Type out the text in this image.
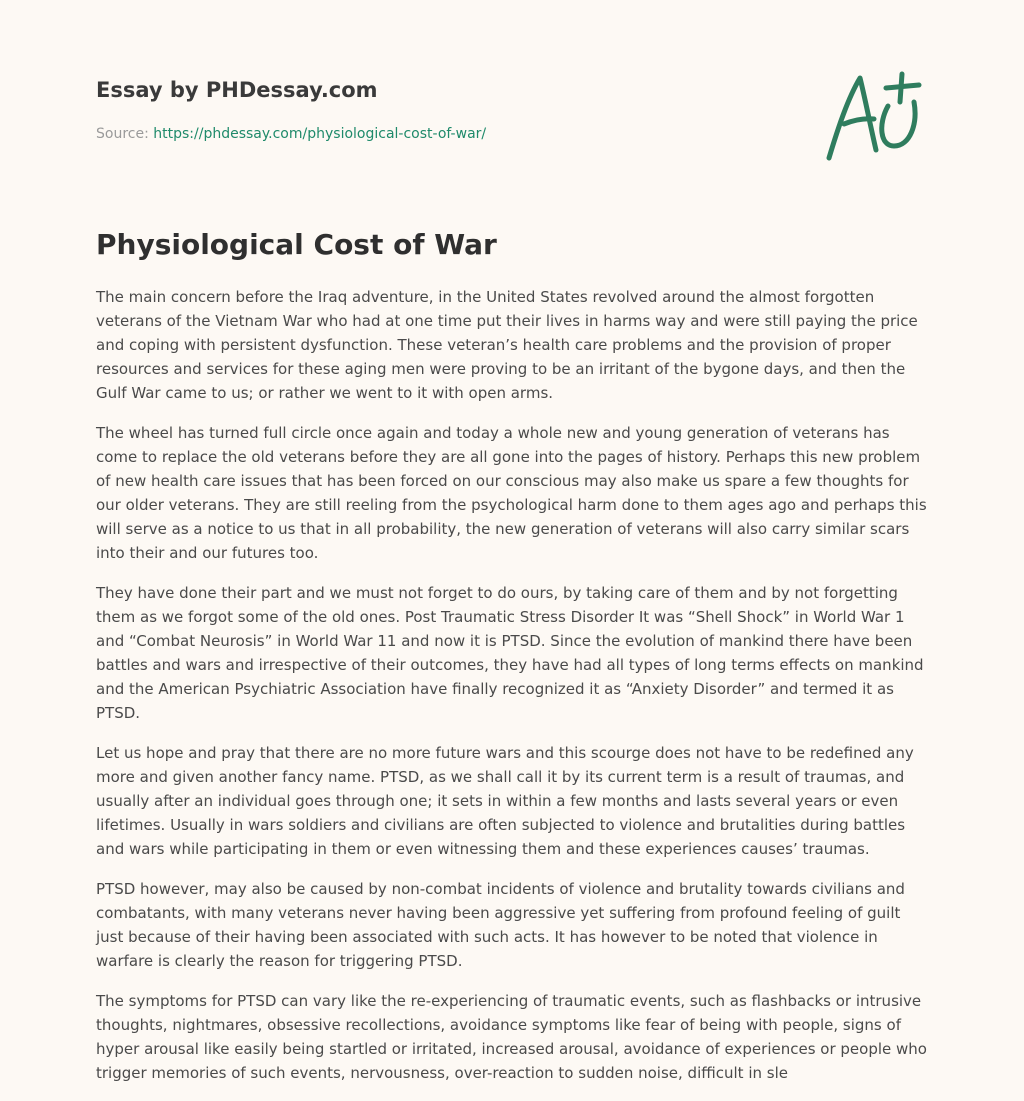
Essay by PHDessay.com
Source: https://phdessay.com/physiological-cost-of-war/
Physiological Cost of War

The main concern before the Iraq adventure, in the United States revolved around the almost forgotten veterans of the Vietnam War who had at one time put their lives in harms way and were still paying the price and coping with persistent dysfunction. These veteran’s health care problems and the provision of proper resources and services for these aging men were proving to be an irritant of the bygone days, and then the Gulf War came to us; or rather we went to it with open arms.

The wheel has turned full circle once again and today a whole new and young generation of veterans has come to replace the old veterans before they are all gone into the pages of history. Perhaps this new problem of new health care issues that has been forced on our conscious may also make us spare a few thoughts for our older veterans. They are still reeling from the psychological harm done to them ages ago and perhaps this will serve as a notice to us that in all probability, the new generation of veterans will also carry similar scars into their and our futures too.

They have done their part and we must not forget to do ours, by taking care of them and by not forgetting them as we forgot some of the old ones. Post Traumatic Stress Disorder It was “Shell Shock” in World War 1 and “Combat Neurosis” in World War 11 and now it is PTSD. Since the evolution of mankind there have been battles and wars and irrespective of their outcomes, they have had all types of long terms effects on mankind and the American Psychiatric Association have finally recognized it as “Anxiety Disorder” and termed it as PTSD.

Let us hope and pray that there are no more future wars and this scourge does not have to be redefined any more and given another fancy name. PTSD, as we shall call it by its current term is a result of traumas, and usually after an individual goes through one; it sets in within a few months and lasts several years or even lifetimes. Usually in wars soldiers and civilians are often subjected to violence and brutalities during battles and wars while participating in them or even witnessing them and these experiences causes’ traumas.

PTSD however, may also be caused by non-combat incidents of violence and brutality towards civilians and combatants, with many veterans never having been aggressive yet suffering from profound feeling of guilt just because of their having been associated with such acts. It has however to be noted that violence in warfare is clearly the reason for triggering PTSD.

The symptoms for PTSD can vary like the re-experiencing of traumatic events, such as flashbacks or intrusive thoughts, nightmares, obsessive recollections, avoidance symptoms like fear of being with people, signs of hyper arousal like easily being startled or irritated, increased arousal, avoidance of experiences or people who trigger memories of such events, nervousness, over-reaction to sudden noise, difficult in sle
